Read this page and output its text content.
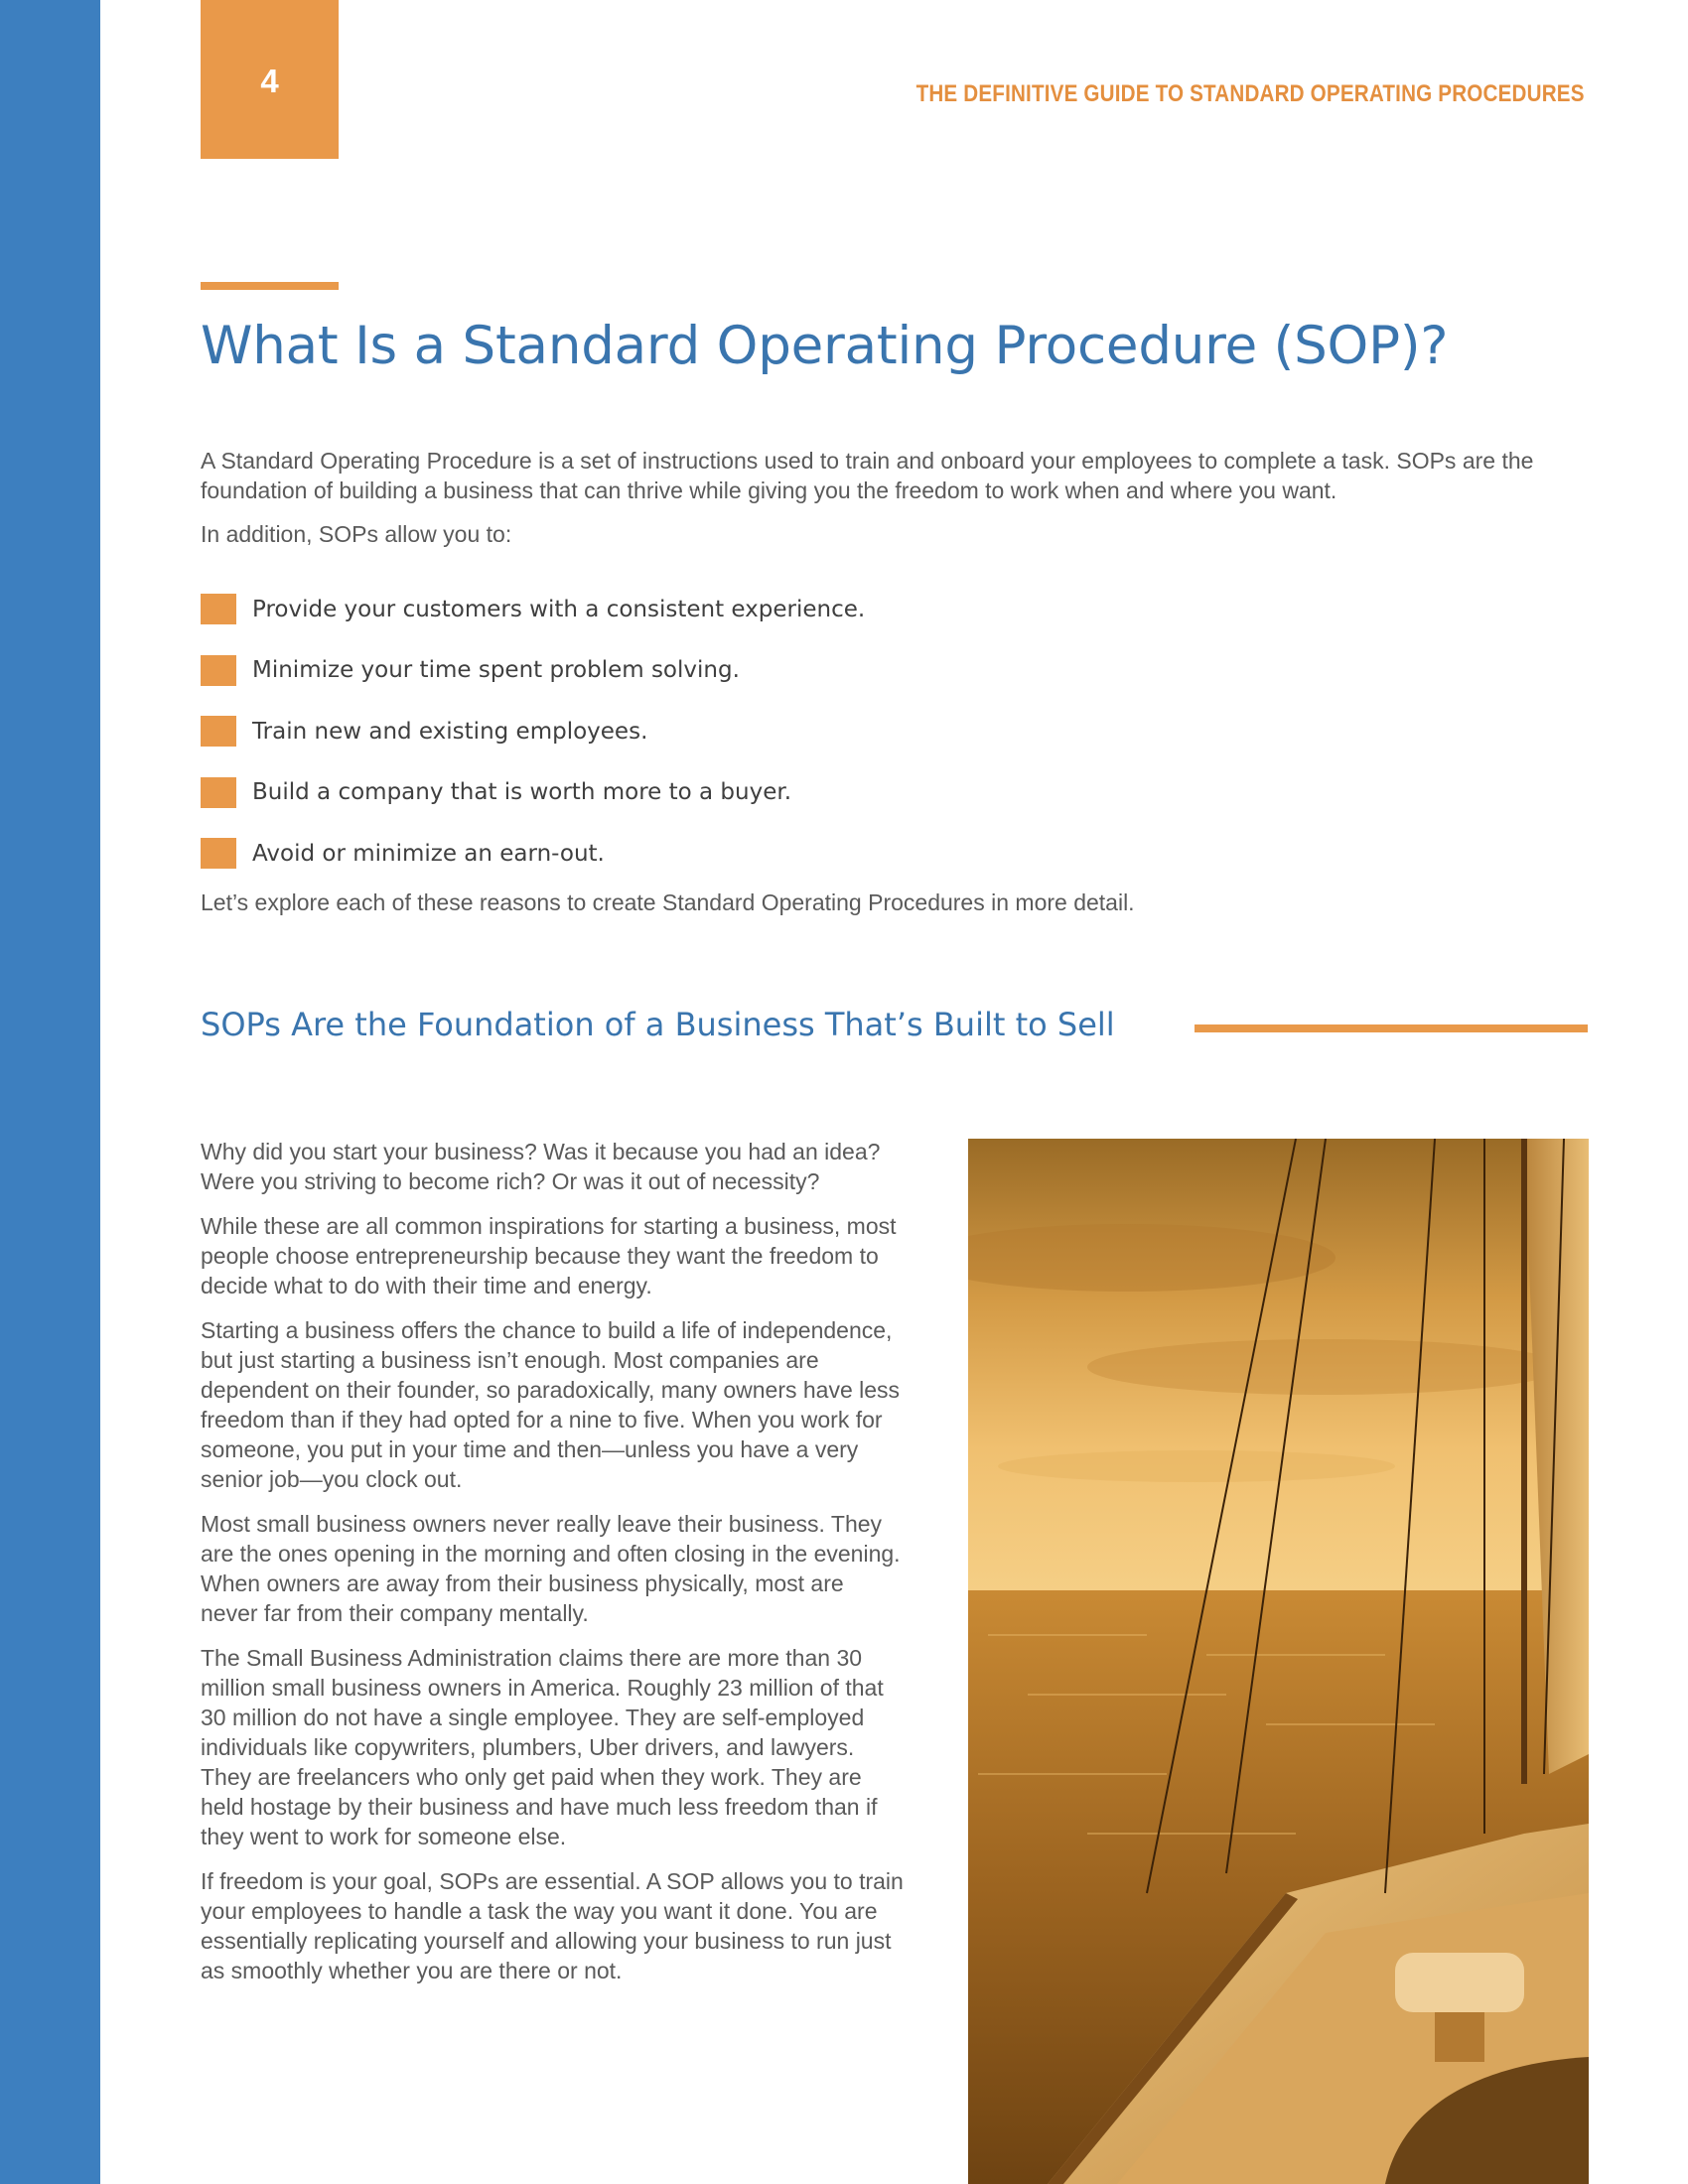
4	THE DEFINITIVE GUIDE TO STANDARD OPERATING PROCEDURES
What Is a Standard Operating Procedure (SOP)?

A Standard Operating Procedure is a set of instructions used to train and onboard your employees to complete a task. SOPs are the foundation of building a business that can thrive while giving you the freedom to work when and where you want.

In addition, SOPs allow you to:

Provide your customers with a consistent experience.
Minimize your time spent problem solving.
Train new and existing employees.
Build a company that is worth more to a buyer.
Avoid or minimize an earn-out.
Let’s explore each of these reasons to create Standard Operating Procedures in more detail.
SOPs Are the Foundation of a Business That’s Built to Sell

Why did you start your business? Was it because you had an idea? Were you striving to become rich? Or was it out of necessity?

While these are all common inspirations for starting a business, most people choose entrepreneurship because they want the freedom to decide what to do with their time and energy.

Starting a business offers the chance to build a life of independence, but just starting a business isn’t enough. Most companies are dependent on their founder, so paradoxically, many owners have less freedom than if they had opted for a nine to five. When you work for someone, you put in your time and then—unless you have a very senior job—you clock out.

Most small business owners never really leave their business. They are the ones opening in the morning and often closing in the evening. When owners are away from their business physically, most are never far from their company mentally.

The Small Business Administration claims there are more than 30 million small business owners in America. Roughly 23 million of that 30 million do not have a single employee. They are self-employed individuals like copywriters, plumbers, Uber drivers, and lawyers. They are freelancers who only get paid when they work. They are held hostage by their business and have much less freedom than if they went to work for someone else.

If freedom is your goal, SOPs are essential. A SOP allows you to train your employees to handle a task the way you want it done. You are essentially replicating yourself and allowing your business to run just as smoothly whether you are there or not.
